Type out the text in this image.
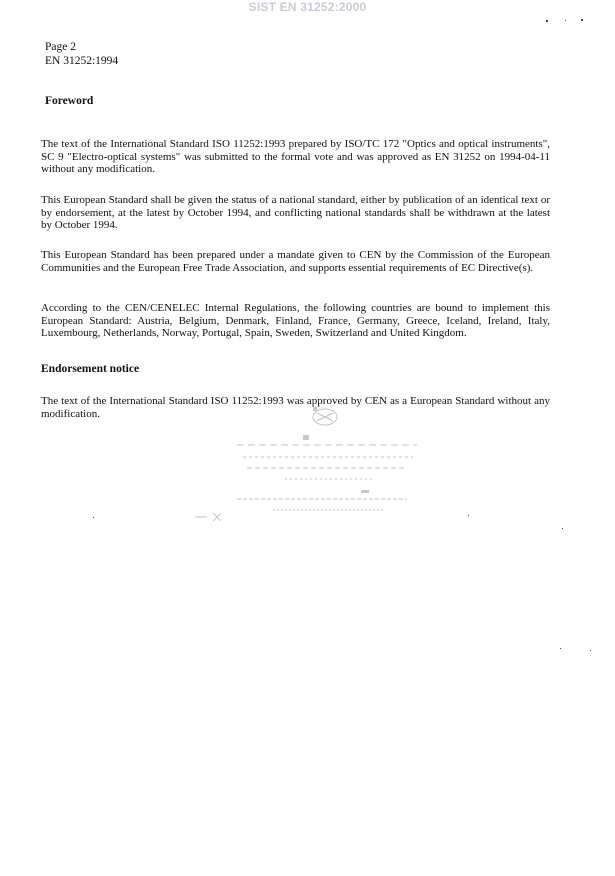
SIST EN 31252:2000
Page 2
EN 31252:1994
Foreword
The text of the International Standard ISO 11252:1993 prepared by ISO/TC 172 "Optics and optical instruments", SC 9 "Electro-optical systems" was submitted to the formal vote and was approved as EN 31252 on 1994-04-11 without any modification.
This European Standard shall be given the status of a national standard, either by publication of an identical text or by endorsement, at the latest by October 1994, and conflicting national standards shall be withdrawn at the latest by October 1994.
This European Standard has been prepared under a mandate given to CEN by the Commission of the European Communities and the European Free Trade Association, and supports essential requirements of EC Directive(s).
According to the CEN/CENELEC Internal Regulations, the following countries are bound to implement this European Standard: Austria, Belgium, Denmark, Finland, France, Germany, Greece, Iceland, Ireland, Italy, Luxembourg, Netherlands, Norway, Portugal, Spain, Sweden, Switzerland and United Kingdom.
Endorsement notice
The text of the International Standard ISO 11252:1993 was approved by CEN as a European Standard without any modification.
